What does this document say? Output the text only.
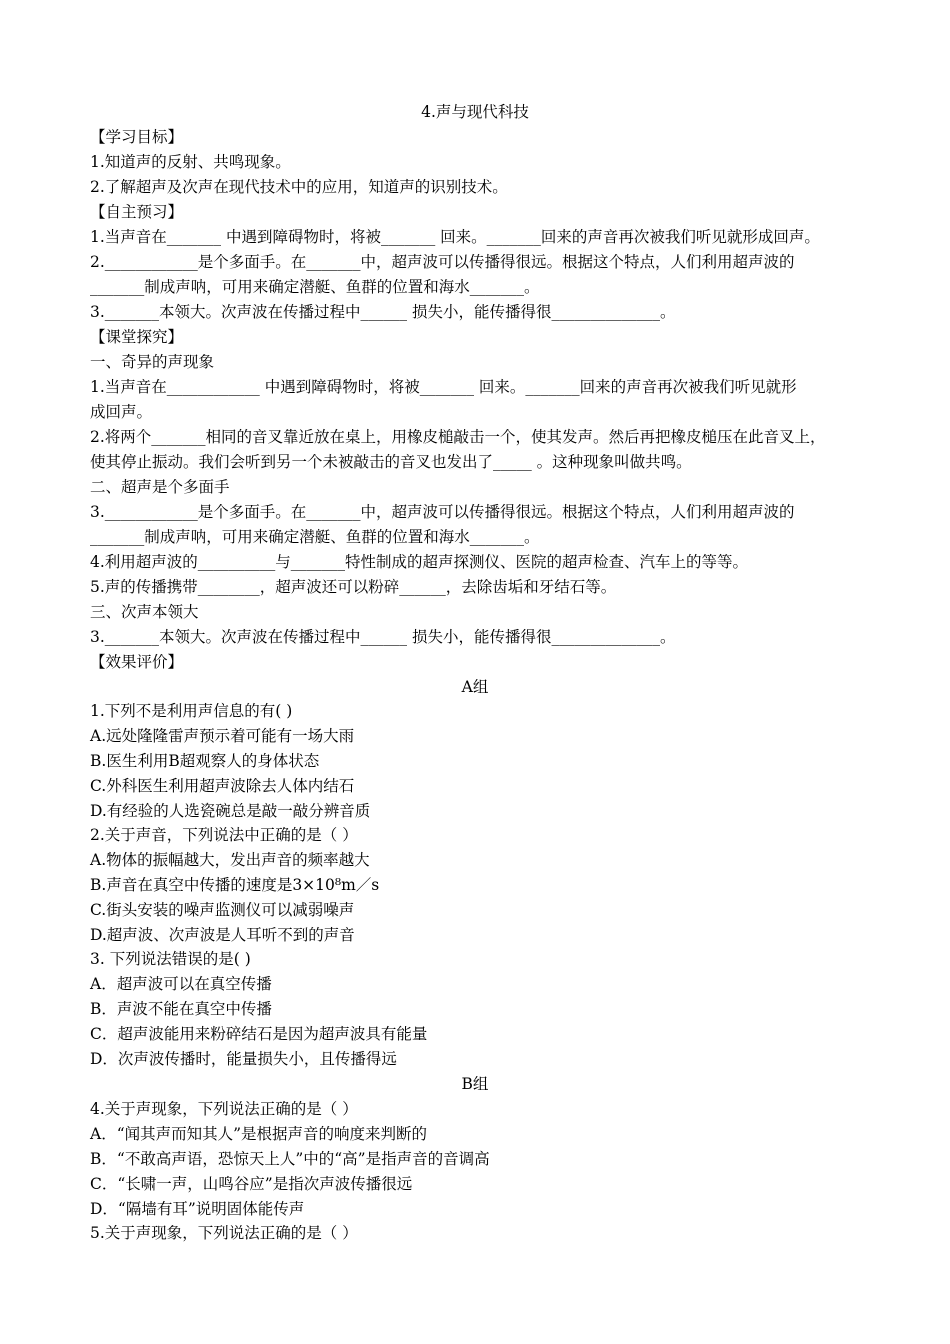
4.声与现代科技
【学习目标】
1.知道声的反射、共鸣现象。
2.了解超声及次声在现代技术中的应用，知道声的识别技术。
【自主预习】
1.当声音在_______ 中遇到障碍物时，将被_______ 回来。_______回来的声音再次被我们听见就形成回声。
2.____________是个多面手。在_______中，超声波可以传播得很远。根据这个特点，人们利用超声波的
_______制成声呐，可用来确定潜艇、鱼群的位置和海水_______。
3._______本领大。次声波在传播过程中______ 损失小，能传播得很______________。
【课堂探究】
一、奇异的声现象
1.当声音在____________ 中遇到障碍物时，将被_______ 回来。_______回来的声音再次被我们听见就形
成回声。
2.将两个_______相同的音叉靠近放在桌上，用橡皮槌敲击一个，使其发声。然后再把橡皮槌压在此音叉上，
使其停止振动。我们会听到另一个未被敲击的音叉也发出了_____ 。这种现象叫做共鸣。
二、超声是个多面手
3.____________是个多面手。在_______中，超声波可以传播得很远。根据这个特点，人们利用超声波的
_______制成声呐，可用来确定潜艇、鱼群的位置和海水_______。
4.利用超声波的__________与_______特性制成的超声探测仪、医院的超声检查、汽车上的等等。
5.声的传播携带________，超声波还可以粉碎______，去除齿垢和牙结石等。
三、次声本领大
3._______本领大。次声波在传播过程中______ 损失小，能传播得很______________。
【效果评价】
A组
1.下列不是利用声信息的有( )
A.远处隆隆雷声预示着可能有一场大雨
B.医生利用B超观察人的身体状态
C.外科医生利用超声波除去人体内结石
D.有经验的人选瓷碗总是敲一敲分辨音质
2.关于声音，下列说法中正确的是（ ）
A.物体的振幅越大，发出声音的频率越大
B.声音在真空中传播的速度是3×10⁸m／s
C.街头安装的噪声监测仪可以减弱噪声
D.超声波、次声波是人耳听不到的声音
3. 下列说法错误的是( )
A．超声波可以在真空传播
B．声波不能在真空中传播
C．超声波能用来粉碎结石是因为超声波具有能量
D．次声波传播时，能量损失小，且传播得远
B组
4.关于声现象，下列说法正确的是（ ）
A．“闻其声而知其人”是根据声音的响度来判断的
B．“不敢高声语，恐惊天上人”中的“高”是指声音的音调高
C．“长啸一声，山鸣谷应”是指次声波传播很远
D．“隔墙有耳”说明固体能传声
5.关于声现象，下列说法正确的是（ ）
